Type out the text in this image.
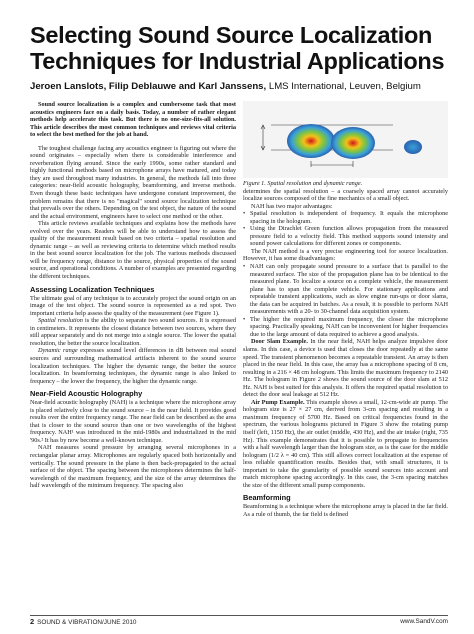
Selecting Sound Source Localization Techniques for Industrial Applications
Jeroen Lanslots, Filip Deblauwe and Karl Janssens, LMS International, Leuven, Belgium

Sound source localization is a complex and cumbersome task that most acoustics engineers face on a daily basis. Today, a number of rather elegant methods help accelerate this task. But there is no one-size-fits-all solution. This article describes the most common techniques and reviews vital criteria to select the best method for the job at hand.

The toughest challenge facing any acoustics engineer is figuring out where the sound originates – especially when there is considerable interference and reverberation flying around. Since the early 1990s, some rather standard and highly functional methods based on microphone arrays have matured, and today they are used throughout many industries. In general, the methods fall into three categories: near-field acoustic holography, beamforming, and inverse methods. Even though these basic techniques have undergone constant improvement, the problem remains that there is no "magical" sound source localization technique that prevails over the others. Depending on the test object, the nature of the sound and the actual environment, engineers have to select one method or the other.

This article reviews available techniques and explains how the methods have evolved over the years. Readers will be able to understand how to assess the quality of the measurement result based on two criteria – spatial resolution and dynamic range – as well as reviewing criteria to determine which method results in the best sound source localization for the job. The various methods discussed will be frequency range, distance to the source, physical properties of the sound source, and operational conditions. A number of examples are presented regarding the different techniques.

Assessing Localization Techniques

The ultimate goal of any technique is to accurately project the sound origin on an image of the test object. The sound source is represented as a red spot. Two important criteria help assess the quality of the measurement (see Figure 1).

Spatial resolution is the ability to separate two sound sources. It is expressed in centimeters. It represents the closest distance between two sources, where they still appear separately and do not merge into a single source. The lower the spatial resolution, the better the source localization.

Dynamic range expresses sound level differences in dB between real sound sources and surrounding mathematical artifacts inherent to the sound source localization techniques. The higher the dynamic range, the better the source localization. In beamforming techniques, the dynamic range is also linked to frequency – the lower the frequency, the higher the dynamic range.

Near-Field Acoustic Holography

Near-field acoustic holography (NAH) is a technique where the microphone array is placed relatively close to the sound source – in the near field. It provides good results over the entire frequency range. The near field can be described as the area that is closer to the sound source than one or two wavelengths of the highest frequency. NAH¹ was introduced in the mid-1980s and industrialized in the mid '90s.² It has by now become a well-known technique.

NAH measures sound pressure by arranging several microphones in a rectangular planar array. Microphones are regularly spaced both horizontally and vertically. The sound pressure in the plane is then back-propagated to the actual surface of the object. The spacing between the microphones determines the half-wavelength of the maximum frequency, and the size of the array determines the half wavelength of the minimum frequency. The spacing also

Figure 1. Spatial resolution and dynamic range.

determines the spatial resolution – a coarsely spaced array cannot accurately localize sources composed of the fine mechanics of a small object.

NAH has two major advantages:

• Spatial resolution is independent of frequency. It equals the microphone spacing in the hologram.
• Using the Dirachlet Green function allows propagation from the measured pressure field to a velocity field. This method supports sound intensity and sound power calculations for different zones or components.

The NAH method is a very precise engineering tool for source localization. However, it has some disadvantages:

• NAH can only propagate sound pressure to a surface that is parallel to the measured surface. The size of the propagation plane has to be identical to the measured plane. To localize a source on a complete vehicle, the measurement plane has to span the complete vehicle. For stationary applications and repeatable transient applications, such as slow engine run-ups or door slams, the data can be acquired in batches. As a result, it is possible to perform NAH measurements with a 20- to 30-channel data acquisition system.
• The higher the required maximum frequency, the closer the microphone spacing. Practically speaking, NAH can be inconvenient for higher frequencies due to the large amount of data required to achieve a good analysis.

Door Slam Example. In the near field, NAH helps analyze impulsive door slams. In this case, a device is used that closes the door repeatedly at the same speed. The transient phenomenon becomes a repeatable transient. An array is then placed in the near field. In this case, the array has a microphone spacing of 8 cm, resulting in a 216 × 48 cm hologram. This limits the maximum frequency to 2140 Hz. The hologram in Figure 2 shows the sound source of the door slam at 512 Hz. NAH is best suited for this analysis. It offers the required spatial resolution to detect the door seal leakage at 512 Hz.

Air Pump Example. This example shows a small, 12-cm-wide air pump. The hologram size is 27 × 27 cm, derived from 3-cm spacing and resulting in a maximum frequency of 5700 Hz. Based on critical frequencies found in the spectrum, the various holograms pictured in Figure 3 show the rotating pump itself (left, 1150 Hz), the air outlet (middle, 430 Hz), and the air intake (right, 735 Hz). This example demonstrates that it is possible to propagate to frequencies with a half wavelength larger than the hologram size, as is the case for the middle hologram (1/2 λ = 40 cm). This still allows correct localization at the expense of less reliable quantification results. Besides that, with small structures, it is important to take the granularity of possible sound sources into account and match microphone spacing accordingly. In this case, the 3-cm spacing matches the size of the different small pump components.

Beamforming

Beamforming is a technique where the microphone array is placed in the far field. As a rule of thumb, the far field is defined

2 SOUND & VIBRATION/JUNE 2010	www.SandV.com
